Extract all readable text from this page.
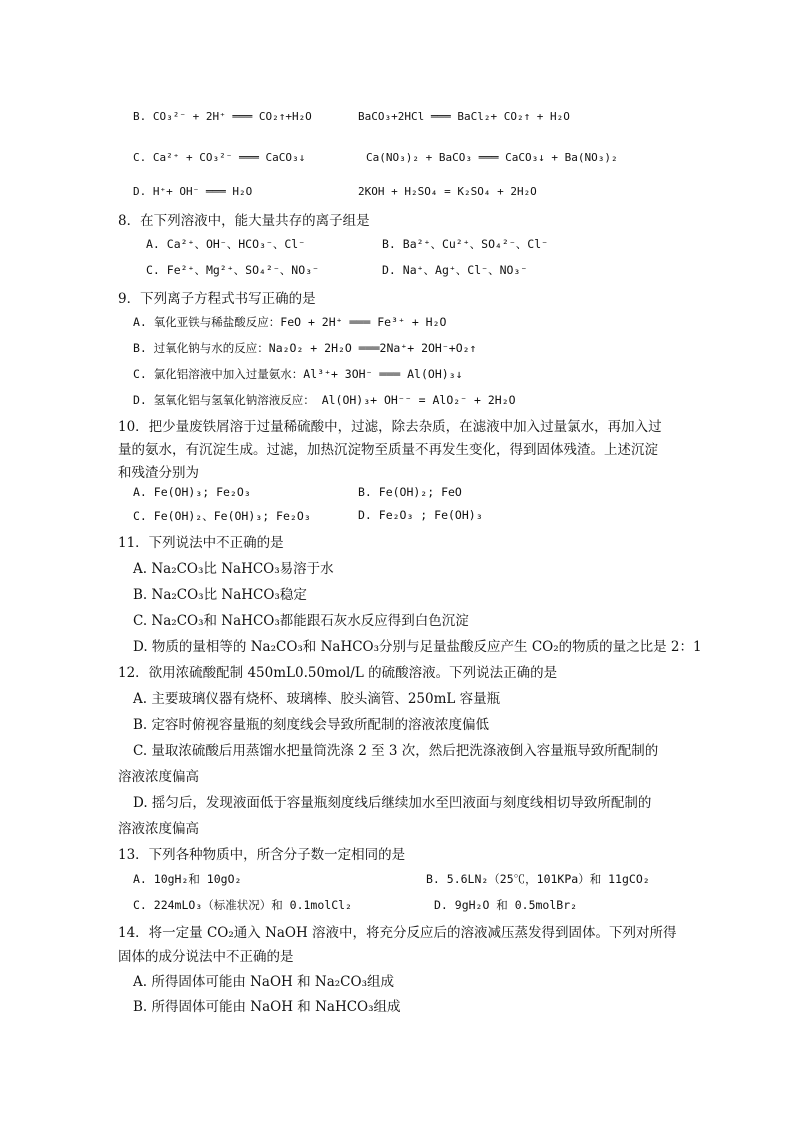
B. CO₃²⁻ + 2H⁺ ═══ CO₂↑+H₂O	BaCO₃+2HCl ═══ BaCl₂+ CO₂↑ + H₂O
C. Ca²⁺ + CO₃²⁻ ═══ CaCO₃↓	Ca(NO₃)₂ + BaCO₃ ═══ CaCO₃↓ + Ba(NO₃)₂
D. H⁺+ OH⁻ ═══ H₂O	2KOH + H₂SO₄ = K₂SO₄ + 2H₂O
8．在下列溶液中，能大量共存的离子组是
A. Ca²⁺、OH⁻、HCO₃⁻、Cl⁻	B. Ba²⁺、Cu²⁺、SO₄²⁻、Cl⁻
C. Fe²⁺、Mg²⁺、SO₄²⁻、NO₃⁻	D. Na⁺、Ag⁺、Cl⁻、NO₃⁻
9．下列离子方程式书写正确的是
A. 氧化亚铁与稀盐酸反应：FeO + 2H⁺ ═══ Fe³⁺ + H₂O
B. 过氧化钠与水的反应：Na₂O₂ + 2H₂O ═══2Na⁺+ 2OH⁻+O₂↑
C. 氯化铝溶液中加入过量氨水：Al³⁺+ 3OH⁻ ═══ Al(OH)₃↓
D. 氢氧化铝与氢氧化钠溶液反应： Al(OH)₃+ OH⁻⁻ = AlO₂⁻ + 2H₂O
10．把少量废铁屑溶于过量稀硫酸中，过滤，除去杂质，在滤液中加入过量氯水，再加入过
量的氨水，有沉淀生成。过滤，加热沉淀物至质量不再发生变化，得到固体残渣。上述沉淀
和残渣分别为
A. Fe(OH)₃; Fe₂O₃	B. Fe(OH)₂; FeO
C. Fe(OH)₂、Fe(OH)₃; Fe₂O₃	D. Fe₂O₃ ; Fe(OH)₃
11．下列说法中不正确的是
A. Na₂CO₃比 NaHCO₃易溶于水
B. Na₂CO₃比 NaHCO₃稳定
C. Na₂CO₃和 NaHCO₃都能跟石灰水反应得到白色沉淀
D. 物质的量相等的 Na₂CO₃和 NaHCO₃分别与足量盐酸反应产生 CO₂的物质的量之比是 2：1
12．欲用浓硫酸配制 450mL0.50mol/L 的硫酸溶液。下列说法正确的是
A. 主要玻璃仪器有烧杯、玻璃棒、胶头滴管、250mL 容量瓶
B. 定容时俯视容量瓶的刻度线会导致所配制的溶液浓度偏低
C. 量取浓硫酸后用蒸馏水把量筒洗涤 2 至 3 次，然后把洗涤液倒入容量瓶导致所配制的
溶液浓度偏高
D. 摇匀后，发现液面低于容量瓶刻度线后继续加水至凹液面与刻度线相切导致所配制的
溶液浓度偏高
13．下列各种物质中，所含分子数一定相同的是
A. 10gH₂和 10gO₂	B. 5.6LN₂（25℃，101KPa）和 11gCO₂
C. 224mLO₃（标准状况）和 0.1molCl₂	D. 9gH₂O 和 0.5molBr₂
14．将一定量 CO₂通入 NaOH 溶液中，将充分反应后的溶液减压蒸发得到固体。下列对所得
固体的成分说法中不正确的是
A. 所得固体可能由 NaOH 和 Na₂CO₃组成
B. 所得固体可能由 NaOH 和 NaHCO₃组成
